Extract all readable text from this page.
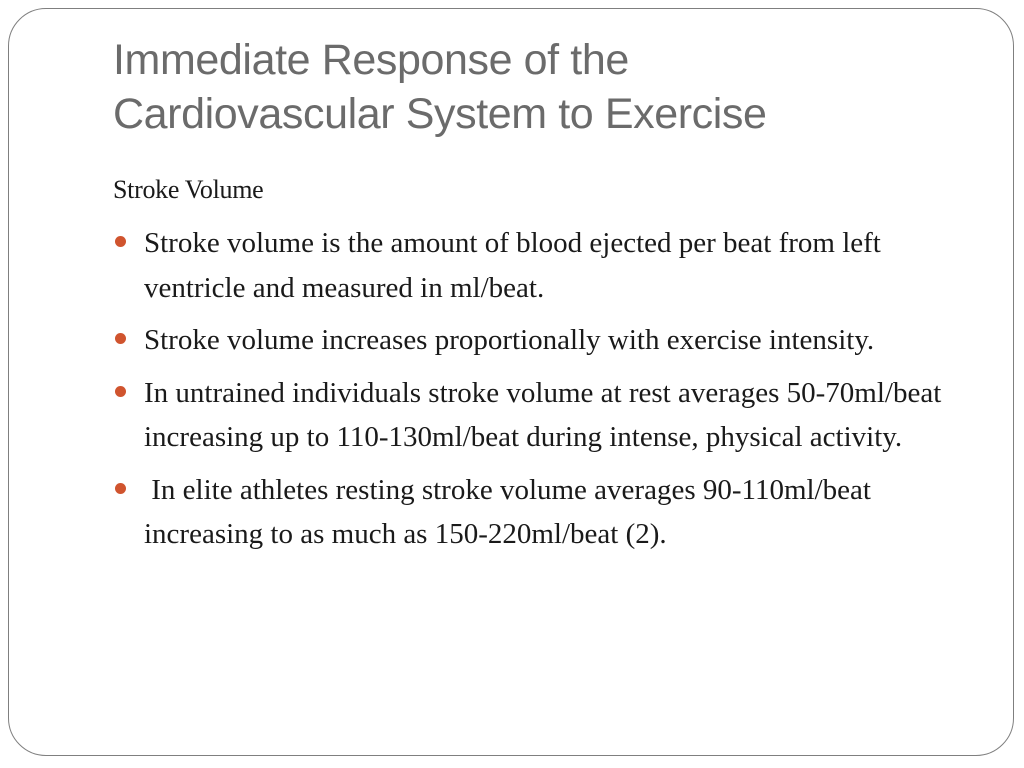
Immediate Response of the
Cardiovascular System to Exercise

Stroke Volume

Stroke volume is the amount of blood ejected per beat from left ventricle and measured in ml/beat.
Stroke volume increases proportionally with exercise intensity.
In untrained individuals stroke volume at rest averages 50-70ml/beat increasing up to 110-130ml/beat during intense, physical activity.
In elite athletes resting stroke volume averages 90-110ml/beat increasing to as much as 150-220ml/beat (2).
